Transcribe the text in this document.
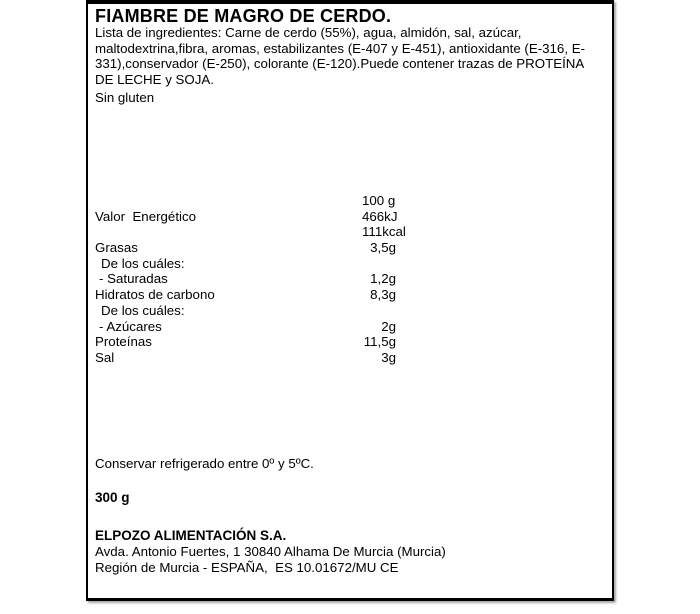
FIAMBRE DE MAGRO DE CERDO.
Lista de ingredientes: Carne de cerdo (55%), agua, almidón, sal, azúcar, maltodextrina,fibra, aromas, estabilizantes (E-407 y E-451), antioxidante (E-316, E-331),conservador (E-250), colorante (E-120).Puede contener trazas de PROTEÍNA DE LECHE y SOJA.
Sin gluten
100 g
Valor  Energético	466kJ
111kcal
Grasas	3,5g
De los cuáles:
- Saturadas	1,2g
Hidratos de carbono	8,3g
De los cuáles:
- Azúcares	2g
Proteínas	11,5g
Sal	3g
Conservar refrigerado entre 0º y 5ºC.
300 g
ELPOZO ALIMENTACIÓN S.A.
Avda. Antonio Fuertes, 1 30840 Alhama De Murcia (Murcia)
Región de Murcia - ESPAÑA,  ES 10.01672/MU CE
